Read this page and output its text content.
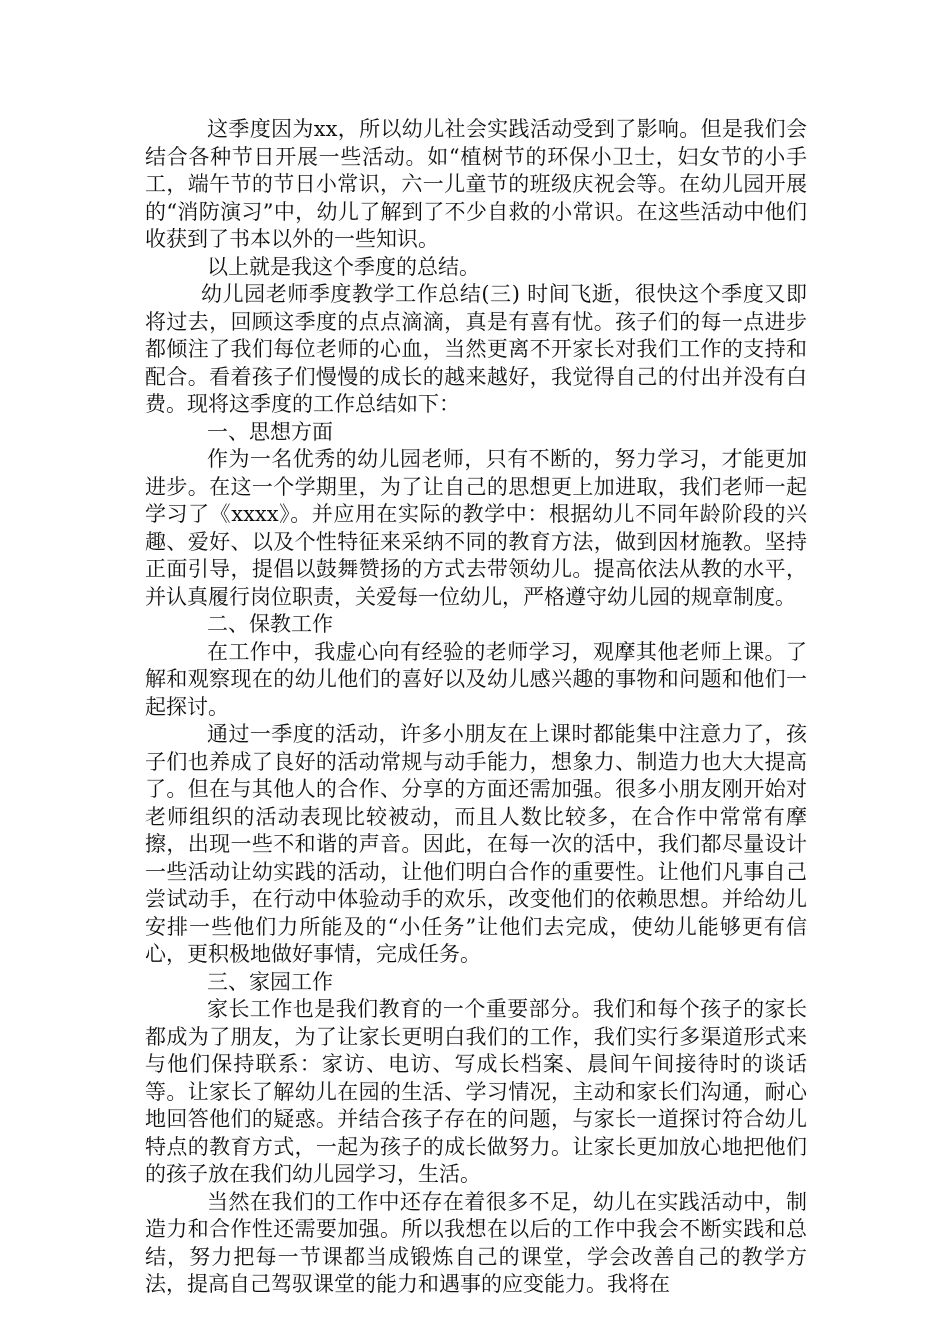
这季度因为xx，所以幼儿社会实践活动受到了影响。但是我们会结合各种节日开展一些活动。如“植树节的环保小卫士，妇女节的小手工，端午节的节日小常识，六一儿童节的班级庆祝会等。在幼儿园开展的“消防演习”中，幼儿了解到了不少自救的小常识。在这些活动中他们收获到了书本以外的一些知识。

以上就是我这个季度的总结。

幼儿园老师季度教学工作总结(三) 时间飞逝，很快这个季度又即将过去，回顾这季度的点点滴滴，真是有喜有忧。孩子们的每一点进步都倾注了我们每位老师的心血，当然更离不开家长对我们工作的支持和配合。看着孩子们慢慢的成长的越来越好，我觉得自己的付出并没有白费。现将这季度的工作总结如下：

一、思想方面

作为一名优秀的幼儿园老师，只有不断的，努力学习，才能更加进步。在这一个学期里，为了让自己的思想更上加进取，我们老师一起学习了《xxxx》。并应用在实际的教学中：根据幼儿不同年龄阶段的兴趣、爱好、以及个性特征来采纳不同的教育方法，做到因材施教。坚持正面引导，提倡以鼓舞赞扬的方式去带领幼儿。提高依法从教的水平，并认真履行岗位职责，关爱每一位幼儿，严格遵守幼儿园的规章制度。

二、保教工作

在工作中，我虚心向有经验的老师学习，观摩其他老师上课。了解和观察现在的幼儿他们的喜好以及幼儿感兴趣的事物和问题和他们一起探讨。

通过一季度的活动，许多小朋友在上课时都能集中注意力了，孩子们也养成了良好的活动常规与动手能力，想象力、制造力也大大提高了。但在与其他人的合作、分享的方面还需加强。很多小朋友刚开始对老师组织的活动表现比较被动，而且人数比较多，在合作中常常有摩擦，出现一些不和谐的声音。因此，在每一次的活中，我们都尽量设计一些活动让幼实践的活动，让他们明白合作的重要性。让他们凡事自己尝试动手，在行动中体验动手的欢乐，改变他们的依赖思想。并给幼儿安排一些他们力所能及的“小任务”让他们去完成，使幼儿能够更有信心，更积极地做好事情，完成任务。

三、家园工作

家长工作也是我们教育的一个重要部分。我们和每个孩子的家长都成为了朋友，为了让家长更明白我们的工作，我们实行多渠道形式来与他们保持联系：家访、电访、写成长档案、晨间午间接待时的谈话等。让家长了解幼儿在园的生活、学习情况，主动和家长们沟通，耐心地回答他们的疑惑。并结合孩子存在的问题，与家长一道探讨符合幼儿特点的教育方式，一起为孩子的成长做努力。让家长更加放心地把他们的孩子放在我们幼儿园学习，生活。

当然在我们的工作中还存在着很多不足，幼儿在实践活动中，制造力和合作性还需要加强。所以我想在以后的工作中我会不断实践和总结，努力把每一节课都当成锻炼自己的课堂，学会改善自己的教学方法，提高自己驾驭课堂的能力和遇事的应变能力。我将在
